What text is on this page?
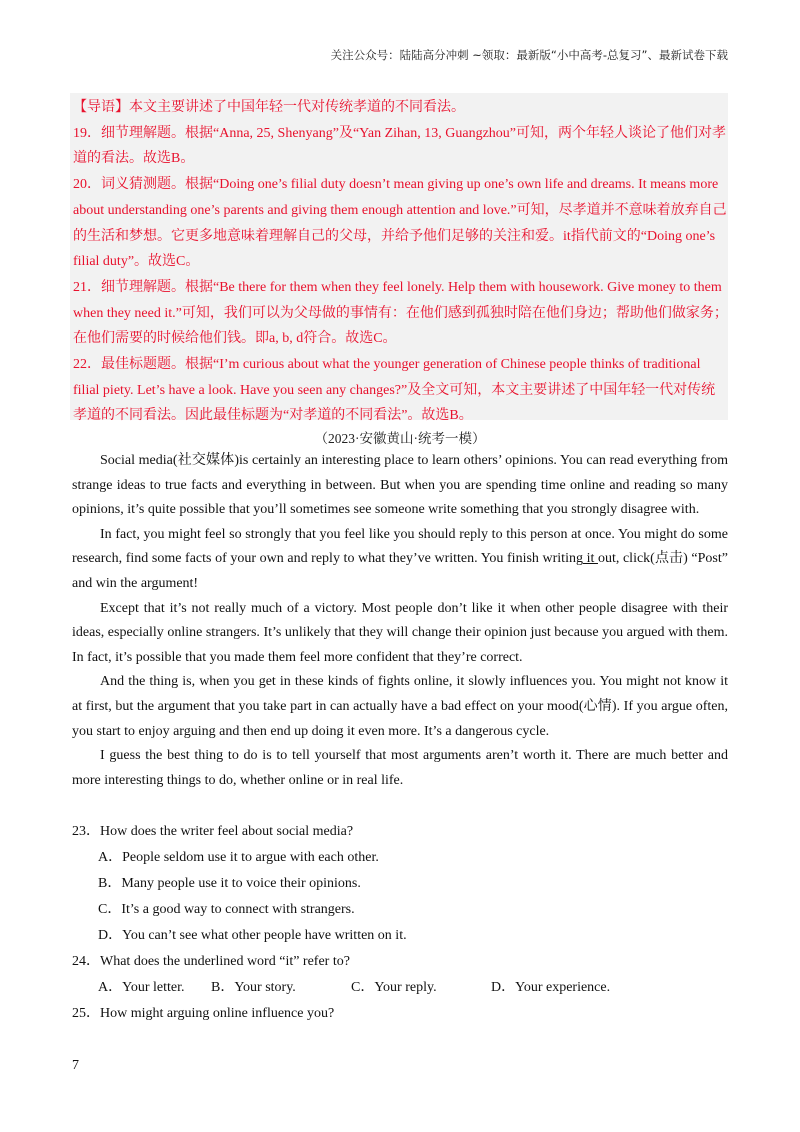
关注公众号：陆陆高分冲刺 ~领取：最新版“小中高考-总复习”、最新试卷下载

【导语】本文主要讲述了中国年轻一代对传统孝道的不同看法。

19．细节理解题。根据“Anna, 25, Shenyang”及“Yan Zihan, 13, Guangzhou”可知，两个年轻人谈论了他们对孝道的看法。故选B。

20．词义猜测题。根据“Doing one’s filial duty doesn’t mean giving up one’s own life and dreams. It means more about understanding one’s parents and giving them enough attention and love.”可知，尽孝道并不意味着放弃自己的生活和梦想。它更多地意味着理解自己的父母，并给予他们足够的关注和爱。it指代前文的“Doing one’s filial duty”。故选C。

21．细节理解题。根据“Be there for them when they feel lonely. Help them with housework. Give money to them when they need it.”可知，我们可以为父母做的事情有：在他们感到孤独时陪在他们身边；帮助他们做家务；在他们需要的时候给他们钱。即a, b, d符合。故选C。

22．最佳标题题。根据“I’m curious about what the younger generation of Chinese people thinks of traditional filial piety. Let’s have a look. Have you seen any changes?”及全文可知，本文主要讲述了中国年轻一代对传统孝道的不同看法。因此最佳标题为“对孝道的不同看法”。故选B。

（2023·安徽黄山·统考一模）

Social media(社交媒体)is certainly an interesting place to learn others’ opinions. You can read everything from strange ideas to true facts and everything in between. But when you are spending time online and reading so many opinions, it’s quite possible that you’ll sometimes see someone write something that you strongly disagree with.

In fact, you might feel so strongly that you feel like you should reply to this person at once. You might do some research, find some facts of your own and reply to what they’ve written. You finish writing it out, click(点击) “Post” and win the argument!

Except that it’s not really much of a victory. Most people don’t like it when other people disagree with their ideas, especially online strangers. It’s unlikely that they will change their opinion just because you argued with them. In fact, it’s possible that you made them feel more confident that they’re correct.

And the thing is, when you get in these kinds of fights online, it slowly influences you. You might not know it at first, but the argument that you take part in can actually have a bad effect on your mood(心情). If you argue often, you start to enjoy arguing and then end up doing it even more. It’s a dangerous cycle.

I guess the best thing to do is to tell yourself that most arguments aren’t worth it. There are much better and more interesting things to do, whether online or in real life.

23．How does the writer feel about social media?

A．People seldom use it to argue with each other.

B．Many people use it to voice their opinions.

C．It’s a good way to connect with strangers.

D．You can’t see what other people have written on it.

24．What does the underlined word “it” refer to?

A．Your letter.	B．Your story.	C．Your reply.	D．Your experience.

25．How might arguing online influence you?

7
